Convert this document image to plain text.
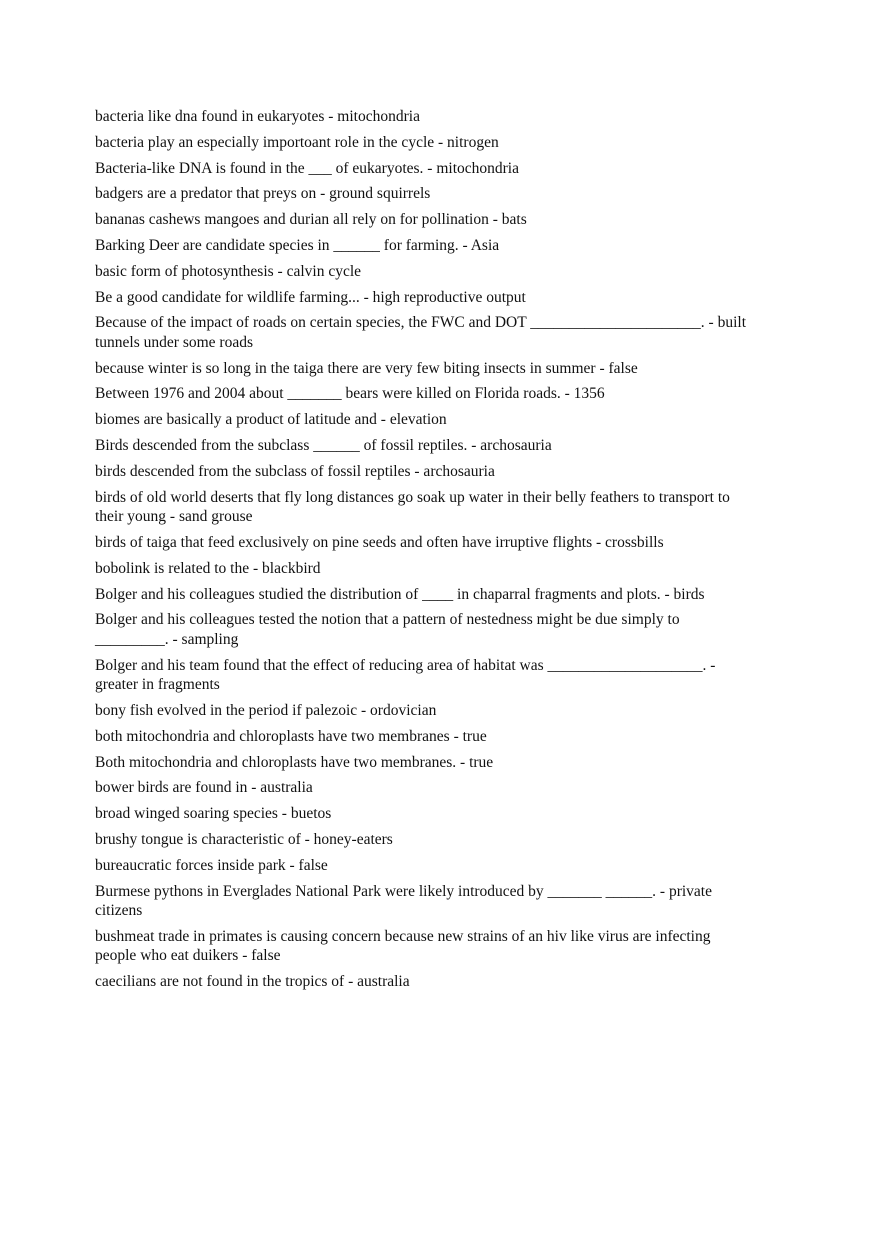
bacteria like dna found in eukaryotes - mitochondria
bacteria play an especially importoant role in the cycle - nitrogen
Bacteria-like DNA is found in the ___ of eukaryotes. - mitochondria
badgers are a predator that preys on - ground squirrels
bananas cashews mangoes and durian all rely on for pollination - bats
Barking Deer are candidate species in ______ for farming. - Asia
basic form of photosynthesis - calvin cycle
Be a good candidate for wildlife farming... - high reproductive output
Because of the impact of roads on certain species, the FWC and DOT ______________________. - built tunnels under some roads
because winter is so long in the taiga there are very few biting insects in summer - false
Between 1976 and 2004 about _______ bears were killed on Florida roads. - 1356
biomes are basically a product of latitude and - elevation
Birds descended from the subclass ______ of fossil reptiles. - archosauria
birds descended from the subclass of fossil reptiles - archosauria
birds of old world deserts that fly long distances go soak up water in their belly feathers to transport to their young - sand grouse
birds of taiga that feed exclusively on pine seeds and often have irruptive flights - crossbills
bobolink is related to the - blackbird
Bolger and his colleagues studied the distribution of ____ in chaparral fragments and plots. - birds
Bolger and his colleagues tested the notion that a pattern of nestedness might be due simply to _________. - sampling
Bolger and his team found that the effect of reducing area of habitat was ____________________. - greater in fragments
bony fish evolved in the period if palezoic - ordovician
both mitochondria and chloroplasts have two membranes - true
Both mitochondria and chloroplasts have two membranes. - true
bower birds are found in - australia
broad winged soaring species - buetos
brushy tongue is characteristic of - honey-eaters
bureaucratic forces inside park - false
Burmese pythons in Everglades National Park were likely introduced by _______ ______. - private citizens
bushmeat trade in primates is causing concern because new strains of an hiv like virus are infecting people who eat duikers - false
caecilians are not found in the tropics of - australia
